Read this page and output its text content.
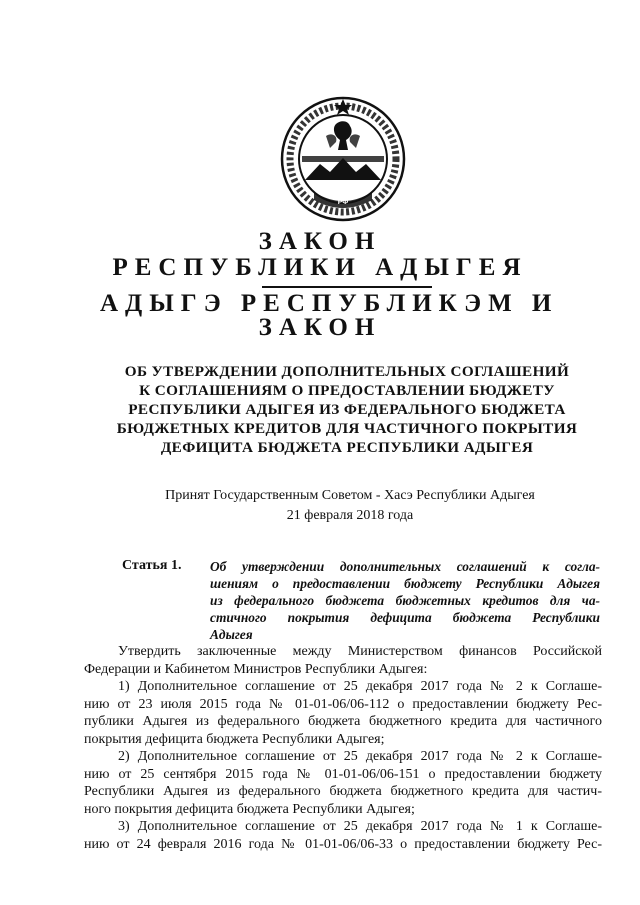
РФ
ЗАКОН
РЕСПУБЛИКИ АДЫГЕЯ
АДЫГЭ РЕСПУБЛИКЭМ И
ЗАКОН
ОБ УТВЕРЖДЕНИИ ДОПОЛНИТЕЛЬНЫХ СОГЛАШЕНИЙ
К СОГЛАШЕНИЯМ О ПРЕДОСТАВЛЕНИИ БЮДЖЕТУ
РЕСПУБЛИКИ АДЫГЕЯ ИЗ ФЕДЕРАЛЬНОГО БЮДЖЕТА
БЮДЖЕТНЫХ КРЕДИТОВ ДЛЯ ЧАСТИЧНОГО ПОКРЫТИЯ
ДЕФИЦИТА БЮДЖЕТА РЕСПУБЛИКИ АДЫГЕЯ
Принят Государственным Советом - Хасэ Республики Адыгея
21 февраля 2018 года
Статья 1. Об утверждении дополнительных соглашений к согла-
шениям о предоставлении бюджету Республики Адыгея
из федерального бюджета бюджетных кредитов для ча-
стичного покрытия дефицита бюджета Республики
Адыгея
Утвердить заключенные между Министерством финансов Российской
Федерации и Кабинетом Министров Республики Адыгея:
1) Дополнительное соглашение от 25 декабря 2017 года № 2 к Соглаше-
нию от 23 июля 2015 года № 01-01-06/06-112 о предоставлении бюджету Рес-
публики Адыгея из федерального бюджета бюджетного кредита для частичного
покрытия дефицита бюджета Республики Адыгея;
2) Дополнительное соглашение от 25 декабря 2017 года № 2 к Соглаше-
нию от 25 сентября 2015 года № 01-01-06/06-151 о предоставлении бюджету
Республики Адыгея из федерального бюджета бюджетного кредита для частич-
ного покрытия дефицита бюджета Республики Адыгея;
3) Дополнительное соглашение от 25 декабря 2017 года № 1 к Соглаше-
нию от 24 февраля 2016 года № 01-01-06/06-33 о предоставлении бюджету Рес-
